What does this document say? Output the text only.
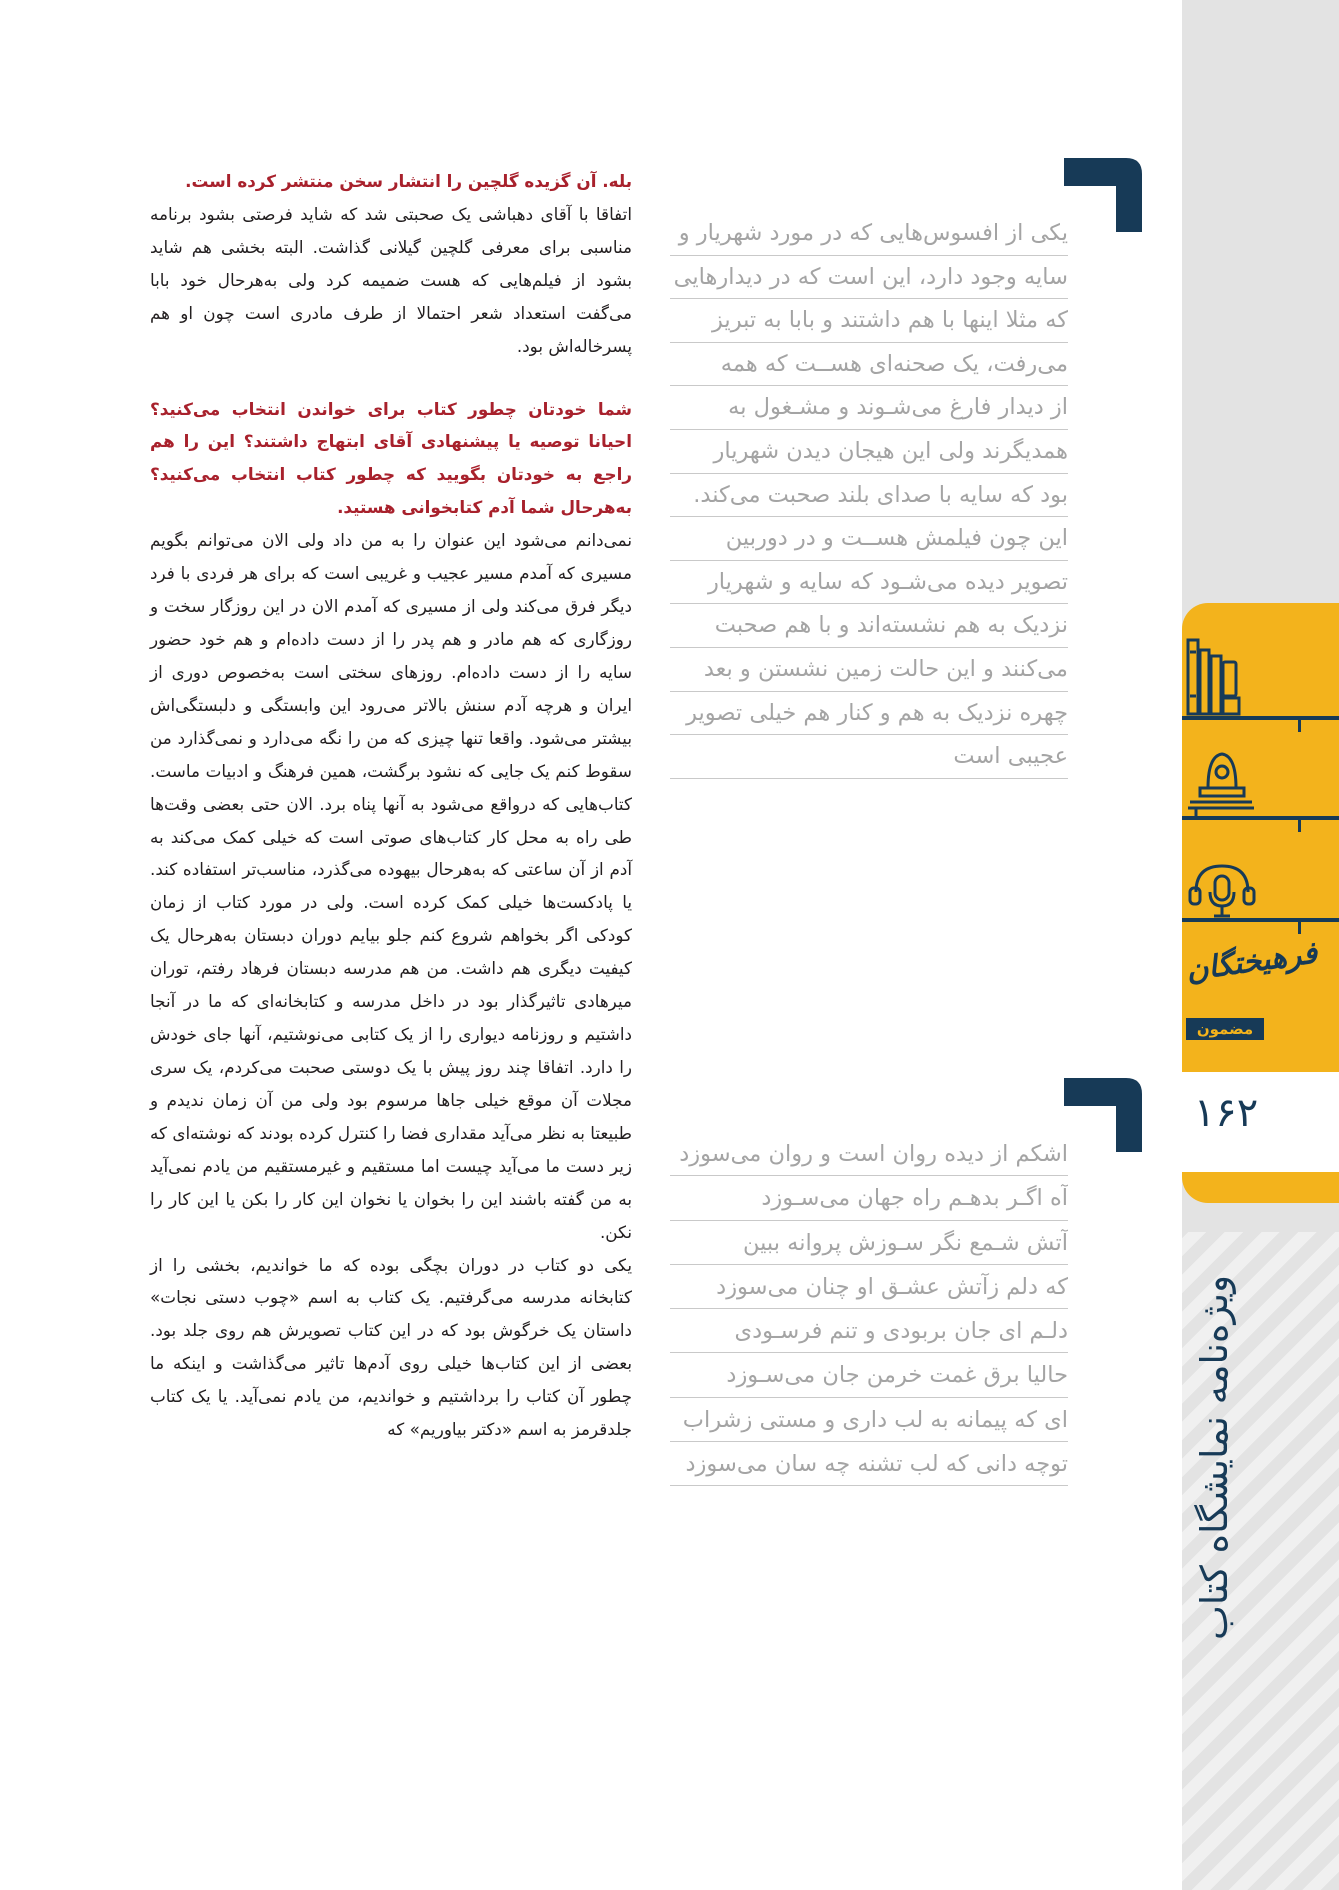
بله. آن گزیده گلچین را انتشار سخن منتشر کرده است.

اتفاقا با آقای دهباشی یک صحبتی شد که شاید فرصتی بشود برنامه مناسبی برای معرفی گلچین گیلانی گذاشت. البته بخشی هم شاید بشود از فیلم‌هایی که هست ضمیمه کرد ولی به‌هرحال خود بابا می‌گفت استعداد شعر احتمالا از طرف مادری است چون او هم پسرخاله‌اش بود.

شما خودتان چطور کتاب برای خواندن انتخاب می‌کنید؟ احیانا توصیه یا پیشنهادی آقای ابتهاج داشتند؟ این را هم راجع به خودتان بگویید که چطور کتاب انتخاب می‌کنید؟ به‌هرحال شما آدم کتابخوانی هستید.

نمی‌دانم می‌شود این عنوان را به من داد ولی الان می‌توانم بگویم مسیری که آمدم مسیر عجیب و غریبی است که برای هر فردی با فرد دیگر فرق می‌کند ولی از مسیری که آمدم الان در این روزگار سخت و روزگاری که هم مادر و هم پدر را از دست داده‌ام و هم خود حضور سایه را از دست داده‌ام. روزهای سختی است به‌خصوص دوری از ایران و هرچه آدم سنش بالاتر می‌رود این وابستگی و دلبستگی‌اش بیشتر می‌شود. واقعا تنها چیزی که من را نگه می‌دارد و نمی‌گذارد من سقوط کنم یک جایی که نشود برگشت، همین فرهنگ و ادبیات ماست. کتاب‌هایی که درواقع می‌شود به آنها پناه برد. الان حتی بعضی وقت‌ها طی راه به محل کار کتاب‌های صوتی است که خیلی کمک می‌کند به آدم از آن ساعتی که به‌هرحال بیهوده می‌گذرد، مناسب‌تر استفاده کند. یا پادکست‌ها خیلی کمک کرده است. ولی در مورد کتاب از زمان کودکی اگر بخواهم شروع کنم جلو بیایم دوران دبستان به‌هرحال یک کیفیت دیگری هم داشت. من هم مدرسه دبستان فرهاد رفتم، توران میرهادی تاثیرگذار بود در داخل مدرسه و کتابخانه‌ای که ما در آنجا داشتیم و روزنامه دیواری را از یک کتابی می‌نوشتیم، آنها جای خودش را دارد. اتفاقا چند روز پیش با یک دوستی صحبت می‌کردم، یک سری مجلات آن موقع خیلی جاها مرسوم بود ولی من آن زمان ندیدم و طبیعتا به نظر می‌آید مقداری فضا را کنترل کرده بودند که نوشته‌ای که زیر دست ما می‌آید چیست اما مستقیم و غیرمستقیم من یادم نمی‌آید به من گفته باشند این را بخوان یا نخوان این کار را بکن یا این کار را نکن.

یکی دو کتاب در دوران بچگی بوده که ما خواندیم، بخشی را از کتابخانه مدرسه می‌گرفتیم. یک کتاب به اسم «چوب دستی نجات» داستان یک خرگوش بود که در این کتاب تصویرش هم روی جلد بود. بعضی از این کتاب‌ها خیلی روی آدم‌ها تاثیر می‌گذاشت و اینکه ما چطور آن کتاب را برداشتیم و خواندیم، من یادم نمی‌آید. یا یک کتاب جلدقرمز به اسم «دکتر بیاوریم» که

یکی از افسوس‌هایی که در مورد شهریار و
سایه وجود دارد، این است که در دیدارهایی
که مثلا اینها با هم داشتند و بابا به تبریز
می‌رفت، یک صحنه‌ای هســت که همه
از دیدار فارغ می‌شـوند و مشـغول به
همدیگرند ولی این هیجان دیدن شهریار
بود که سایه با صدای بلند صحبت می‌کند.
این چون فیلمش هســت و در دوربین
تصویر دیده می‌شـود که سایه و شهریار
نزدیک به هم نشسته‌اند و با هم صحبت
می‌کنند و این حالت زمین نشستن و بعد
چهره نزدیک به هم و کنار هم خیلی تصویر
عجیبی است
اشکم از دیده روان است و روان می‌سوزد
آه اگـر بدهـم راه جهان می‌سـوزد
آتش شـمع نگر سـوزش پروانه ببین
که دلم زآتش عشـق او چنان می‌سوزد
دلـم ای جان بربودی و تنم فرسـودی
حالیا برق غمت خرمن جان می‌سـوزد
ای که پیمانه به لب داری و مستی زشراب
توچه دانی که لب تشنه چه سان می‌سوزد
فرهیختگان
مضمون
۱۶۲
ویژه‌نامه نمایشگاه کتاب
